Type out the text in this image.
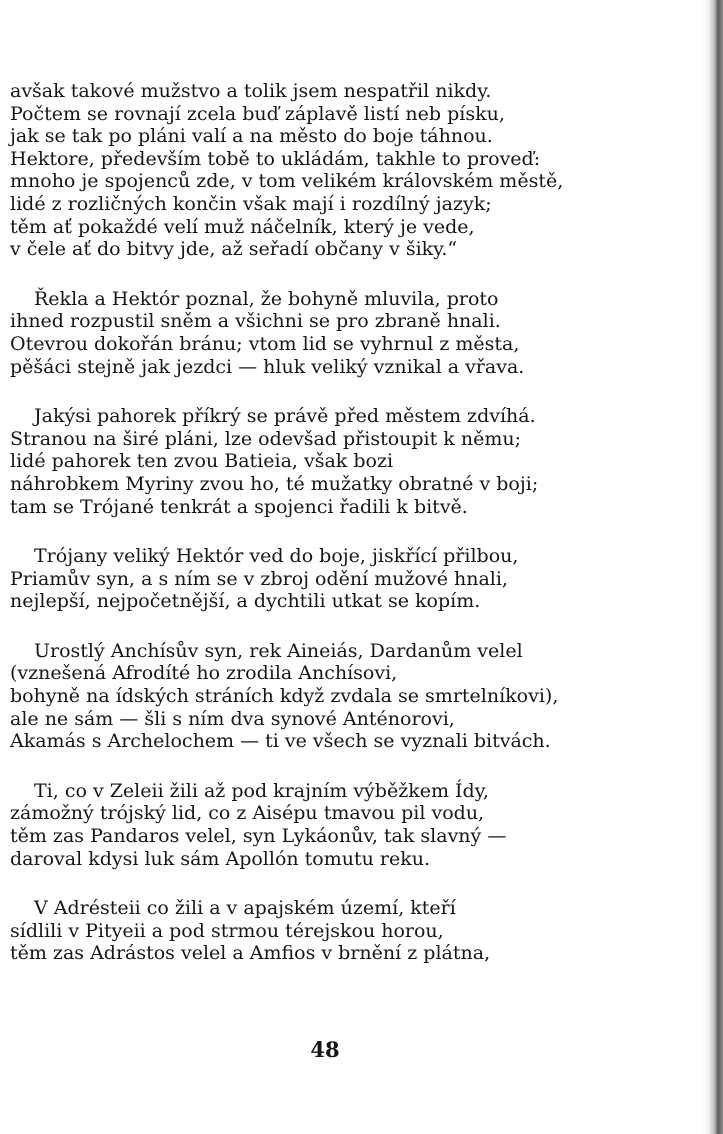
avšak takové mužstvo a tolik jsem nespatřil nikdy.
Počtem se rovnají zcela buď záplavě listí neb písku,
jak se tak po pláni valí a na město do boje táhnou.
Hektore, především tobě to ukládám, takhle to proveď:
mnoho je spojenců zde, v tom velikém královském městě,
lidé z rozličných končin však mají i rozdílný jazyk;
těm ať pokaždé velí muž náčelník, který je vede,
v čele ať do bitvy jde, až seřadí občany v šiky.“
Řekla a Hektór poznal, že bohyně mluvila, proto
ihned rozpustil sněm a všichni se pro zbraně hnali.
Otevrou dokořán bránu; vtom lid se vyhrnul z města,
pěšáci stejně jak jezdci — hluk veliký vznikal a vřava.
Jakýsi pahorek příkrý se právě před městem zdvíhá.
Stranou na širé pláni, lze odevšad přistoupit k němu;
lidé pahorek ten zvou Batieia, však bozi
náhrobkem Myriny zvou ho, té mužatky obratné v boji;
tam se Trójané tenkrát a spojenci řadili k bitvě.
Trójany veliký Hektór ved do boje, jiskřící přilbou,
Priamův syn, a s ním se v zbroj odění mužové hnali,
nejlepší, nejpočetnější, a dychtili utkat se kopím.
Urostlý Anchísův syn, rek Aineiás, Dardanům velel
(vznešená Afrodíté ho zrodila Anchísovi,
bohyně na ídských stráních když zvdala se smrtelníkovi),
ale ne sám — šli s ním dva synové Anténorovi,
Akamás s Archelochem — ti ve všech se vyznali bitvách.
Ti, co v Zeleii žili až pod krajním výběžkem Ídy,
zámožný trójský lid, co z Aisépu tmavou pil vodu,
těm zas Pandaros velel, syn Lykáonův, tak slavný —
daroval kdysi luk sám Apollón tomutu reku.
V Adrésteii co žili a v apajském území, kteří
sídlili v Pityeii a pod strmou térejskou horou,
těm zas Adrástos velel a Amfios v brnění z plátna,
48
